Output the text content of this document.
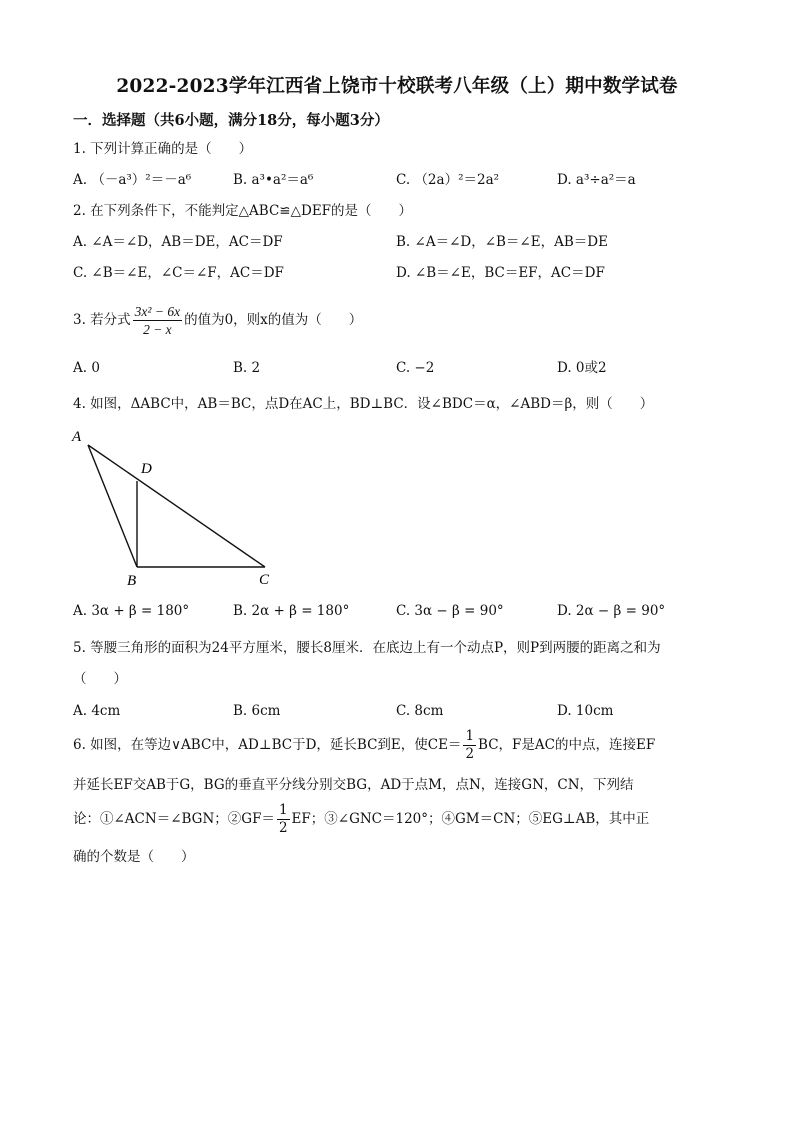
2022-2023学年江西省上饶市十校联考八年级（上）期中数学试卷
一．选择题（共6小题，满分18分，每小题3分）
1. 下列计算正确的是（　　）
A. （－a³）²＝－a⁶	B. a³•a²＝a⁶	C. （2a）²＝2a²	D. a³÷a²＝a
2. 在下列条件下，不能判定△ABC≌△DEF的是（　　）
A. ∠A＝∠D，AB＝DE，AC＝DF	B. ∠A＝∠D，∠B＝∠E，AB＝DE
C. ∠B＝∠E，∠C＝∠F，AC＝DF	D. ∠B＝∠E，BC＝EF，AC＝DF
3. 若分式 $\frac{\text{3x² − 6x}}{2 - x}$ 的值为0，则x的值为（　　）
A. 0	B. 2	C. −2	D. 0或2
4. 如图，ΔABC中，AB＝BC，点D在AC上，BD⊥BC．设∠BDC＝α，∠ABD＝β，则（　　）
A
D
B	C
A. 3α + β = 180°	B. 2α + β = 180°	C. 3α − β = 90°	D. 2α − β = 90°
5. 等腰三角形的面积为24平方厘米，腰长8厘米．在底边上有一个动点P，则P到两腰的距离之和为
（　　）
A. 4cm	B. 6cm	C. 8cm	D. 10cm
6. 如图，在等边∨ABC中，AD⊥BC于D，延长BC到E，使$CE= \frac{1}{2}$ BC，F是AC的中点，连接EF
并延长EF交AB于G，BG的垂直平分线分别交BG，AD于点M，点N，连接GN，CN，下列结
论：①∠ACN＝∠BGN；②GF＝ $\frac{1}{2}$ EF；③∠GNC＝120°；④GM＝CN；⑤EG⊥AB，其中正
确的个数是（　　）
